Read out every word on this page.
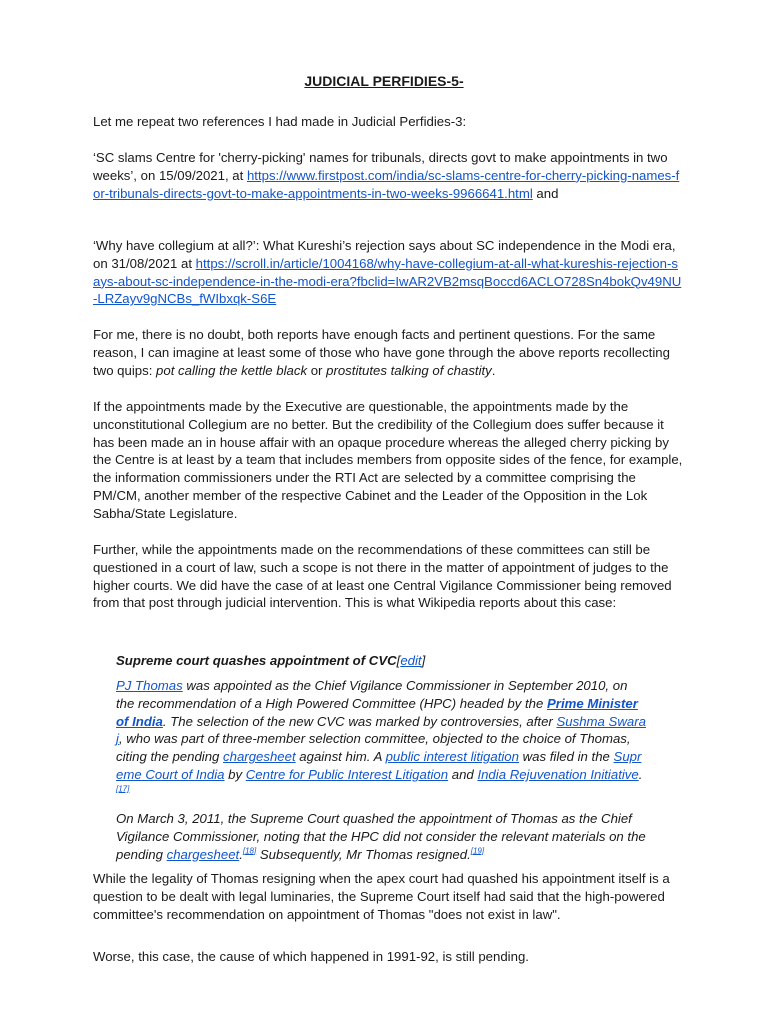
JUDICIAL PERFIDIES-5-

Let me repeat two references I had made in Judicial Perfidies-3:

‘SC slams Centre for 'cherry-picking' names for tribunals, directs govt to make appointments in two weeks’, on 15/09/2021, at https://www.firstpost.com/india/sc-slams-centre-for-cherry-picking-names-for-tribunals-directs-govt-to-make-appointments-in-two-weeks-9966641.html and

‘Why have collegium at all?’: What Kureshi’s rejection says about SC independence in the Modi era, on 31/08/2021 at https://scroll.in/article/1004168/why-have-collegium-at-all-what-kureshis-rejection-says-about-sc-independence-in-the-modi-era?fbclid=IwAR2VB2msqBoccd6ACLO728Sn4bokQv49NU-LRZayv9gNCBs_fWIbxqk-S6E

For me, there is no doubt, both reports have enough facts and pertinent questions. For the same reason, I can imagine at least some of those who have gone through the above reports recollecting two quips: pot calling the kettle black or prostitutes talking of chastity.

If the appointments made by the Executive are questionable, the appointments made by the unconstitutional Collegium are no better. But the credibility of the Collegium does suffer because it has been made an in house affair with an opaque procedure whereas the alleged cherry picking by the Centre is at least by a team that includes members from opposite sides of the fence, for example, the information commissioners under the RTI Act are selected by a committee comprising the PM/CM, another member of the respective Cabinet and the Leader of the Opposition in the Lok Sabha/State Legislature.

Further, while the appointments made on the recommendations of these committees can still be questioned in a court of law, such a scope is not there in the matter of appointment of judges to the higher courts. We did have the case of at least one Central Vigilance Commissioner being removed from that post through judicial intervention. This is what Wikipedia reports about this case:

Supreme court quashes appointment of CVC[edit]

PJ Thomas was appointed as the Chief Vigilance Commissioner in September 2010, on the recommendation of a High Powered Committee (HPC) headed by the Prime Minister of India. The selection of the new CVC was marked by controversies, after Sushma Swaraj, who was part of three-member selection committee, objected to the choice of Thomas, citing the pending chargesheet against him. A public interest litigation was filed in the Supreme Court of India by Centre for Public Interest Litigation and India Rejuvenation Initiative.[17]

On March 3, 2011, the Supreme Court quashed the appointment of Thomas as the Chief Vigilance Commissioner, noting that the HPC did not consider the relevant materials on the pending chargesheet.[18] Subsequently, Mr Thomas resigned.[19]

While the legality of Thomas resigning when the apex court had quashed his appointment itself is a question to be dealt with legal luminaries, the Supreme Court itself had said that the high-powered committee's recommendation on appointment of Thomas "does not exist in law".

Worse, this case, the cause of which happened in 1991-92, is still pending.
